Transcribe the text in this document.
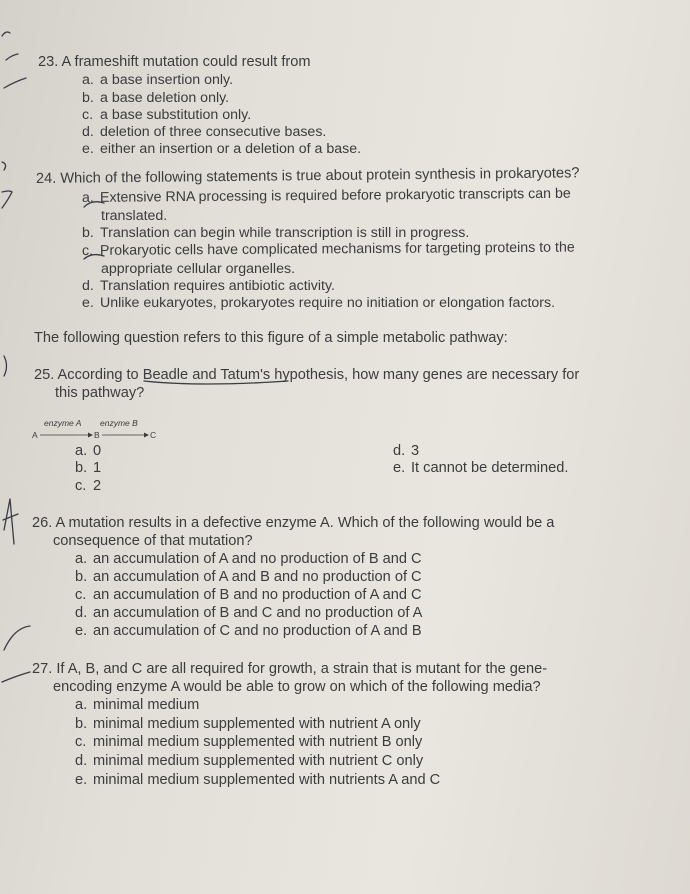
23. A frameshift mutation could result from
a. a base insertion only.
b. a base deletion only.
c. a base substitution only.
d. deletion of three consecutive bases.
e. either an insertion or a deletion of a base.
24. Which of the following statements is true about protein synthesis in prokaryotes?
a. Extensive RNA processing is required before prokaryotic transcripts can be
translated.
b. Translation can begin while transcription is still in progress.
c. Prokaryotic cells have complicated mechanisms for targeting proteins to the
appropriate cellular organelles.
d. Translation requires antibiotic activity.
e. Unlike eukaryotes, prokaryotes require no initiation or elongation factors.
The following question refers to this figure of a simple metabolic pathway:
25. According to Beadle and Tatum's hypothesis, how many genes are necessary for
this pathway?
enzyme A enzyme B
A	B	C
a. 0
b. 1
c. 2
d. 3
e. It cannot be determined.
26. A mutation results in a defective enzyme A. Which of the following would be a
consequence of that mutation?
a. an accumulation of A and no production of B and C
b. an accumulation of A and B and no production of C
c. an accumulation of B and no production of A and C
d. an accumulation of B and C and no production of A
e. an accumulation of C and no production of A and B
27. If A, B, and C are all required for growth, a strain that is mutant for the gene-
encoding enzyme A would be able to grow on which of the following media?
a. minimal medium
b. minimal medium supplemented with nutrient A only
c. minimal medium supplemented with nutrient B only
d. minimal medium supplemented with nutrient C only
e. minimal medium supplemented with nutrients A and C
